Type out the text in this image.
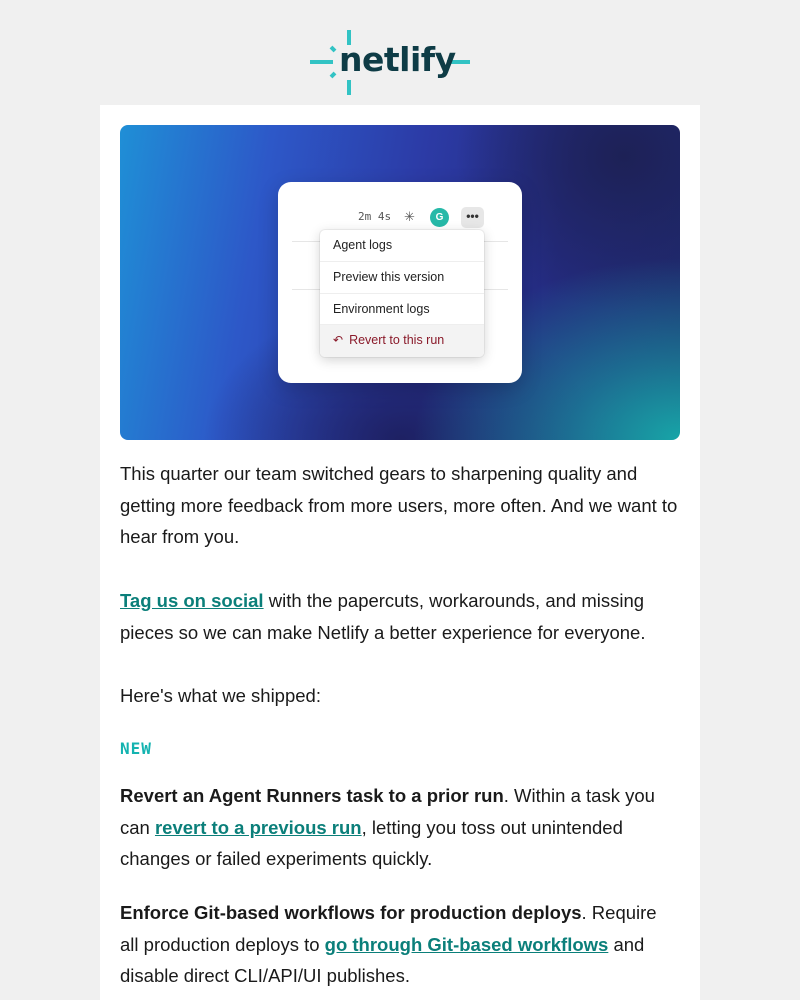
netlify
2m 4s ✳	G	•••
Agent logs
Preview this version
Environment logs
↶ Revert to this run
This quarter our team switched gears to sharpening quality and getting more feedback from more users, more often. And we want to hear from you.
Tag us on social with the papercuts, workarounds, and missing pieces so we can make Netlify a better experience for everyone.
Here's what we shipped:
NEW
Revert an Agent Runners task to a prior run. Within a task you can revert to a previous run, letting you toss out unintended changes or failed experiments quickly.
Enforce Git-based workflows for production deploys. Require all production deploys to go through Git-based workflows and disable direct CLI/API/UI publishes.
